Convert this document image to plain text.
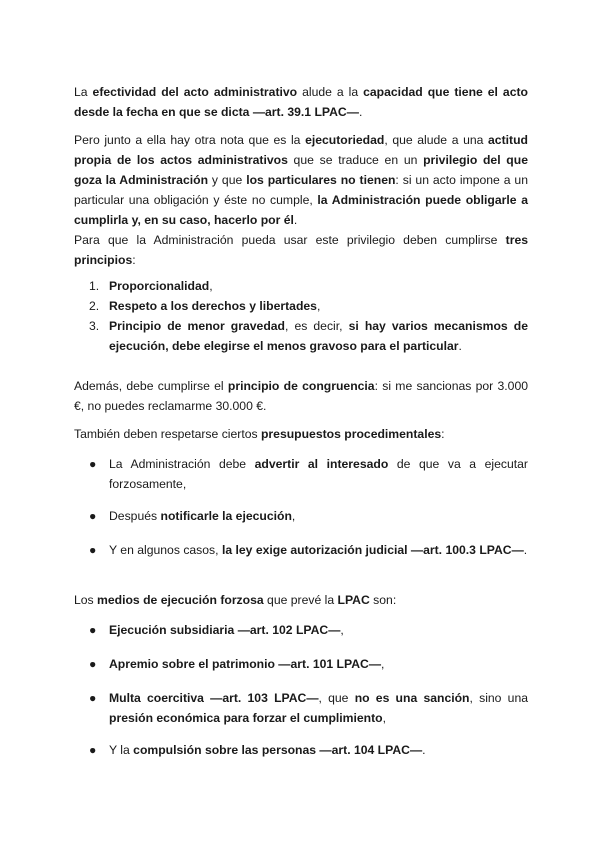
La efectividad del acto administrativo alude a la capacidad que tiene el acto desde la fecha en que se dicta —art. 39.1 LPAC—.

Pero junto a ella hay otra nota que es la ejecutoriedad, que alude a una actitud propia de los actos administrativos que se traduce en un privilegio del que goza la Administración y que los particulares no tienen: si un acto impone a un particular una obligación y éste no cumple, la Administración puede obligarle a cumplirla y, en su caso, hacerlo por él.

Para que la Administración pueda usar este privilegio deben cumplirse tres principios:

1. Proporcionalidad,
2. Respeto a los derechos y libertades,
3. Principio de menor gravedad, es decir, si hay varios mecanismos de ejecución, debe elegirse el menos gravoso para el particular.

Además, debe cumplirse el principio de congruencia: si me sancionas por 3.000 €, no puedes reclamarme 30.000 €.

También deben respetarse ciertos presupuestos procedimentales:

● La Administración debe advertir al interesado de que va a ejecutar forzosamente,
● Después notificarle la ejecución,
● Y en algunos casos, la ley exige autorización judicial —art. 100.3 LPAC—.

Los medios de ejecución forzosa que prevé la LPAC son:

● Ejecución subsidiaria —art. 102 LPAC—,
● Apremio sobre el patrimonio —art. 101 LPAC—,
● Multa coercitiva —art. 103 LPAC—, que no es una sanción, sino una presión económica para forzar el cumplimiento,
● Y la compulsión sobre las personas —art. 104 LPAC—.
